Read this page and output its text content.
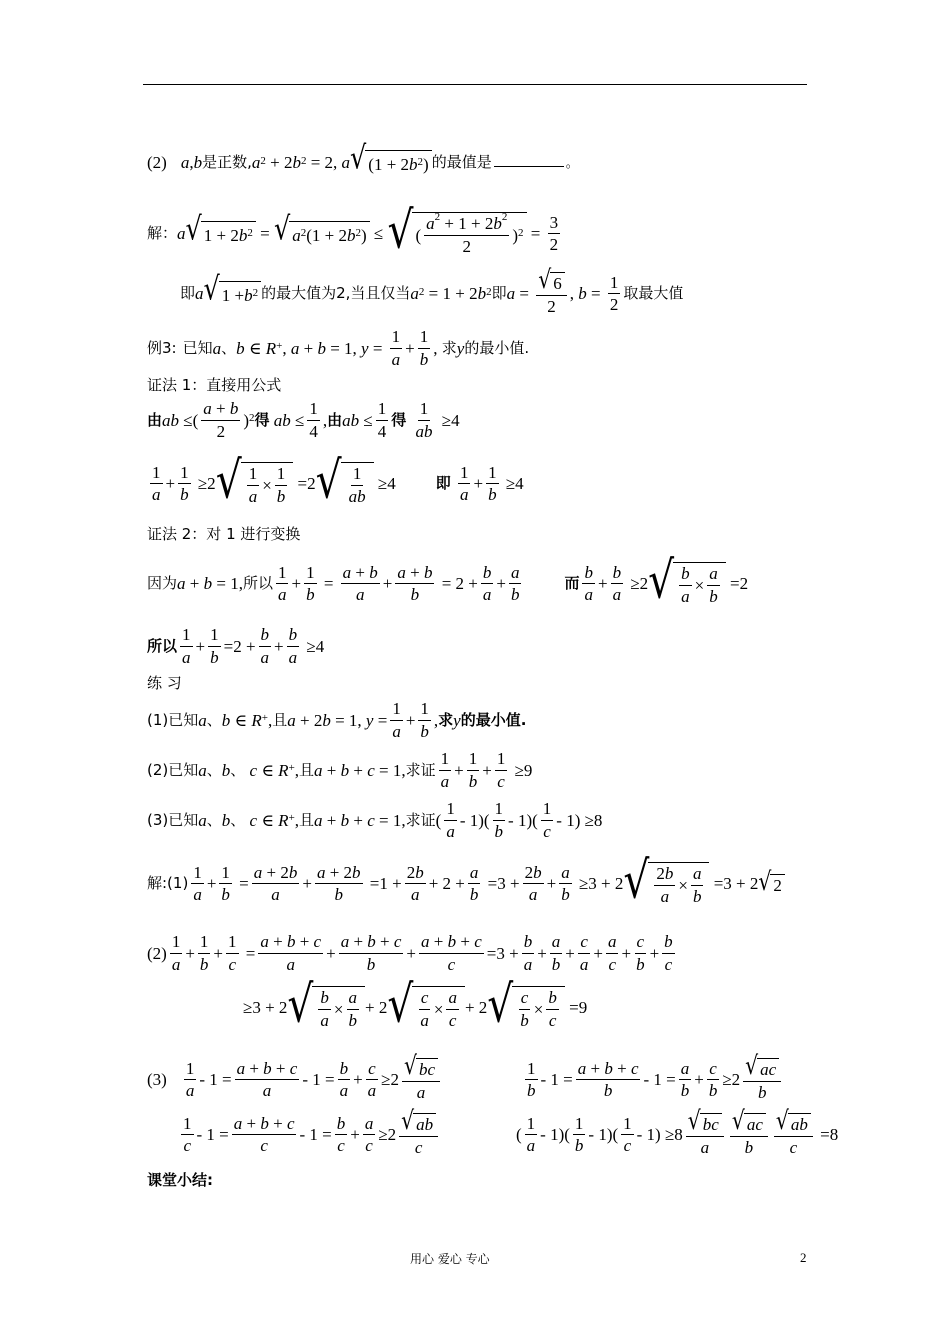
(2) a , b 是正数, $a^2 + 2$ $b^2 = 2$, a √ (1 + 2 $b^2$ ) 的最值是	。
解： a √ 1 + 2 $b^2$ = √ $a^2$ (1 + 2 $b^2$ ) ≤ √ (
$a^2 + 1 + 2b^2$
2
)$^2$ =
3
2
即 a √ $1 + b^2$ 的最大值为2,当且仅当 $a^2 = 1 + 2$ $b^2$ 即 a = √ 6
2
, b =
1
2
取最大值
例3: 已知 a 、 b ∈ R+ , a + b = 1, y =
1
a
+
1
b
, 求 y 的最小值.
证法 1：直接用公式
由 ab ≤(
a + b
2
)$^2$ 得
ab ≤
1
4
, 由 ab ≤
1
4
得

1
ab
≥4
1
a
+
1
b
≥2 √ 1
a
×
1
b
=2 √ 1
ab
≥4	即

1
a
+
1
b
≥4
证法 2：对 1 进行变换
因为 a + b = 1, 所以
1
a
+
1
b
=
a + b
a
+
a + b
b
= 2 +
b
a
+
a
b
而
b
a
+
b
a
≥2 √ b
a
×
a
b
=2
所以
1
a
+
1
b
=2 +
b
a
+
b
a
≥4
练 习
(1)已知 a 、 b ∈ R+ , 且 a + 2 b = 1, y =
1
a
+
1
b
, 求 y 的最小值.
(2)已知 a 、 b 、
c ∈ R+ , 且 a + b + c = 1, 求证
1
a
+
1
b
+
1
c
≥9
(3)已知 a 、 b 、
c ∈ R+ , 且 a + b + c = 1, 求证 (
1
a
- 1)(
1
b
- 1)(
1
c
- 1) ≥8
解:(1)
1
a
+
1
b
=
a + 2b
a
+
a + 2b
b
=1 +
2b
a
+ 2 +
a
b
=3 +
2b
a
+
a
b
≥3 + 2 √ 2b
a
×
a
b
=3 + 2 √ 2
(2)
1
a
+
1
b
+
1
c
=
a + b + c
a
+
a + b + c
b
+
a + b + c
c
=3 +
b
a
+
a
b
+
c
a
+
a
c
+
c
b
+
b
c
≥3 + 2 √ b
a
×
a
b
+ 2 √ c
a
×
a
c
+ 2 √ c
b
×
b
c
=9
(3)
1
a
- 1 =
a + b + c
a
- 1 =
b
a
+
c
a
≥2 √ bc
a
1
b
- 1 =
a + b + c
b
- 1 =
a
b
+
c
b
≥2 √ ac
b
1
c
- 1 =
a + b + c
c
- 1 =
b
c
+
a
c
≥2 √ ab
c
(
1
a
- 1)(
1
b
- 1)(
1
c
- 1) ≥8 √ bc
a
√ ac
b
√ ab
c
=8
课堂小结:
用心 爱心 专心	2
